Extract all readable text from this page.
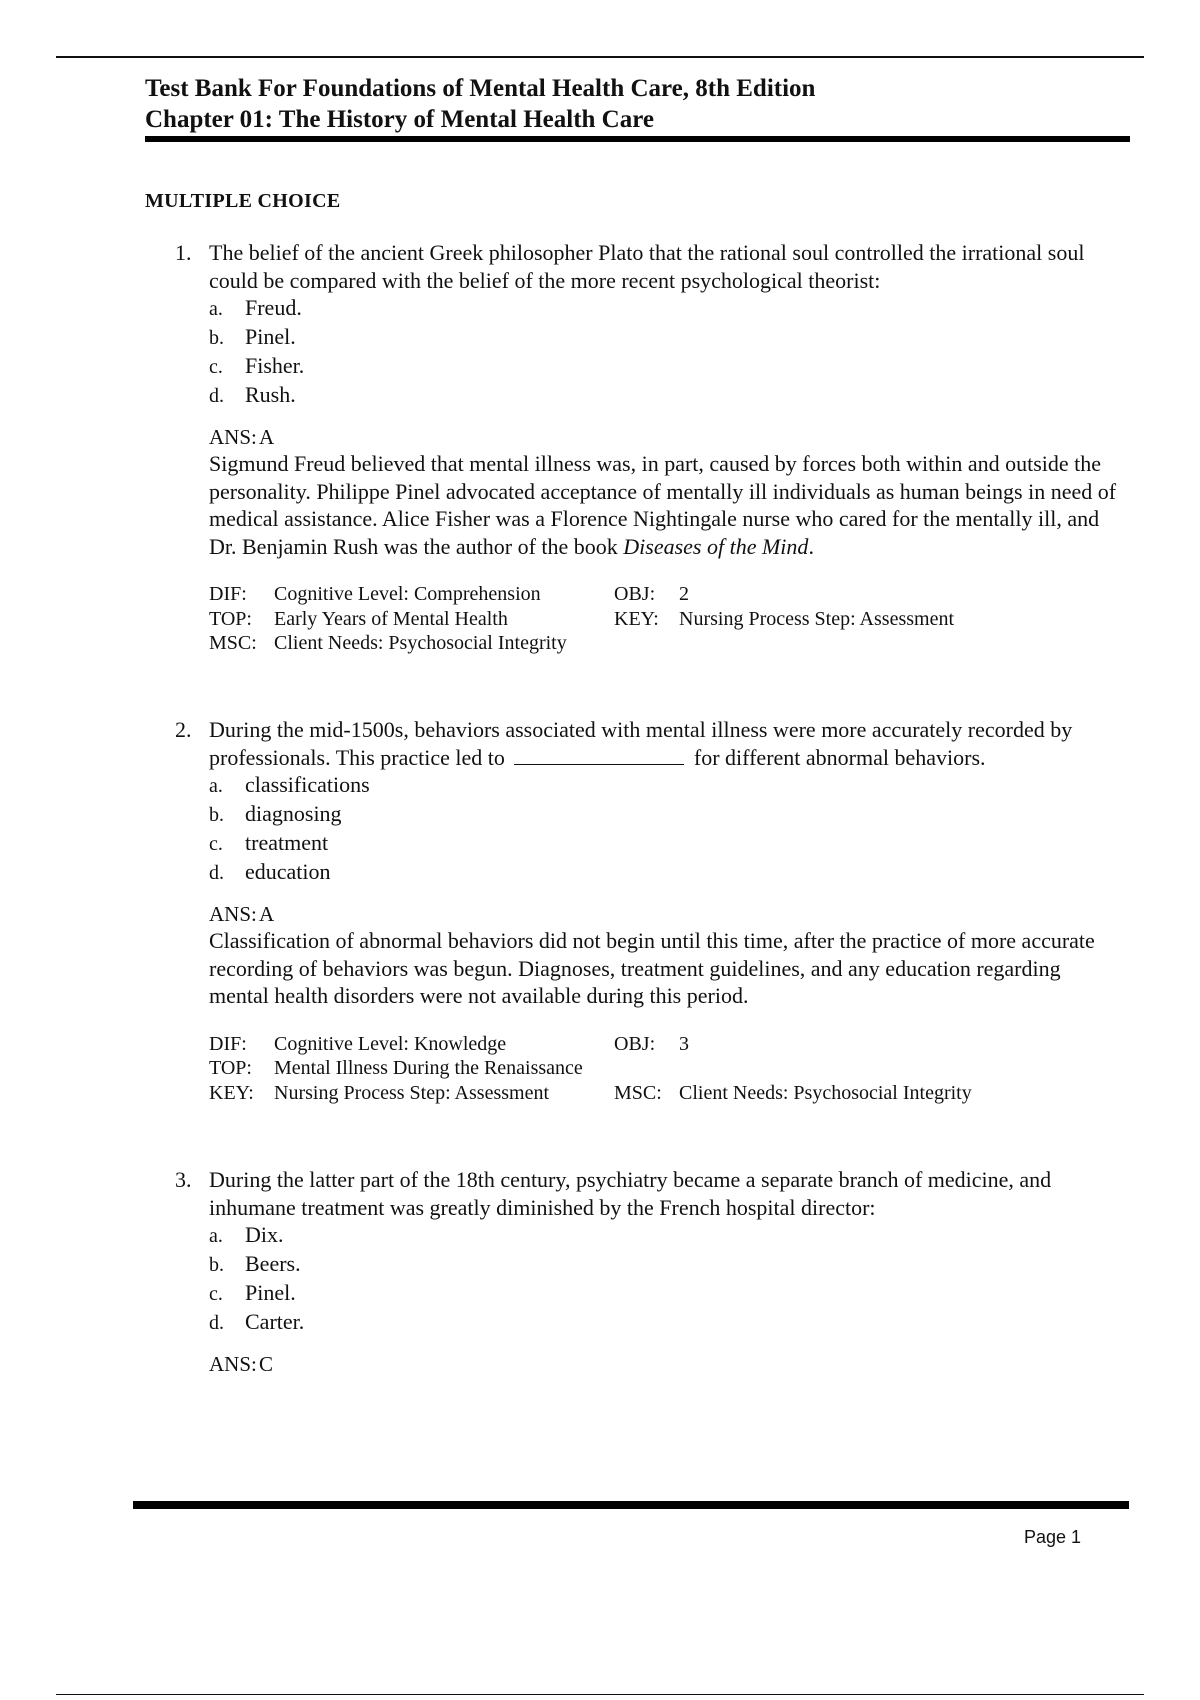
Test Bank For Foundations of Mental Health Care, 8th Edition
Chapter 01: The History of Mental Health Care
MULTIPLE CHOICE
1. The belief of the ancient Greek philosopher Plato that the rational soul controlled the irrational soul could be compared with the belief of the more recent psychological theorist:

a. Freud.
b. Pinel.
c. Fisher.
d. Rush.
ANS: A

Sigmund Freud believed that mental illness was, in part, caused by forces both within and outside the personality. Philippe Pinel advocated acceptance of mentally ill individuals as human beings in need of medical assistance. Alice Fisher was a Florence Nightingale nurse who cared for the mentally ill, and Dr. Benjamin Rush was the author of the book Diseases of the Mind.

DIF:	Cognitive Level: Comprehension	OBJ:	2
TOP:	Early Years of Mental Health	KEY:	Nursing Process Step: Assessment
MSC: Client Needs: Psychosocial Integrity
2. During the mid-1500s, behaviors associated with mental illness were more accurately recorded by professionals. This practice led to	for different abnormal behaviors.

a. classifications
b. diagnosing
c. treatment
d. education
ANS: A

Classification of abnormal behaviors did not begin until this time, after the practice of more accurate recording of behaviors was begun. Diagnoses, treatment guidelines, and any education regarding mental health disorders were not available during this period.

DIF:	Cognitive Level: Knowledge	OBJ:	3
TOP:	Mental Illness During the Renaissance
KEY:	Nursing Process Step: Assessment	MSC: Client Needs: Psychosocial Integrity
3. During the latter part of the 18th century, psychiatry became a separate branch of medicine, and inhumane treatment was greatly diminished by the French hospital director:

a. Dix.
b. Beers.
c. Pinel.
d. Carter.
ANS: C
Page 1
